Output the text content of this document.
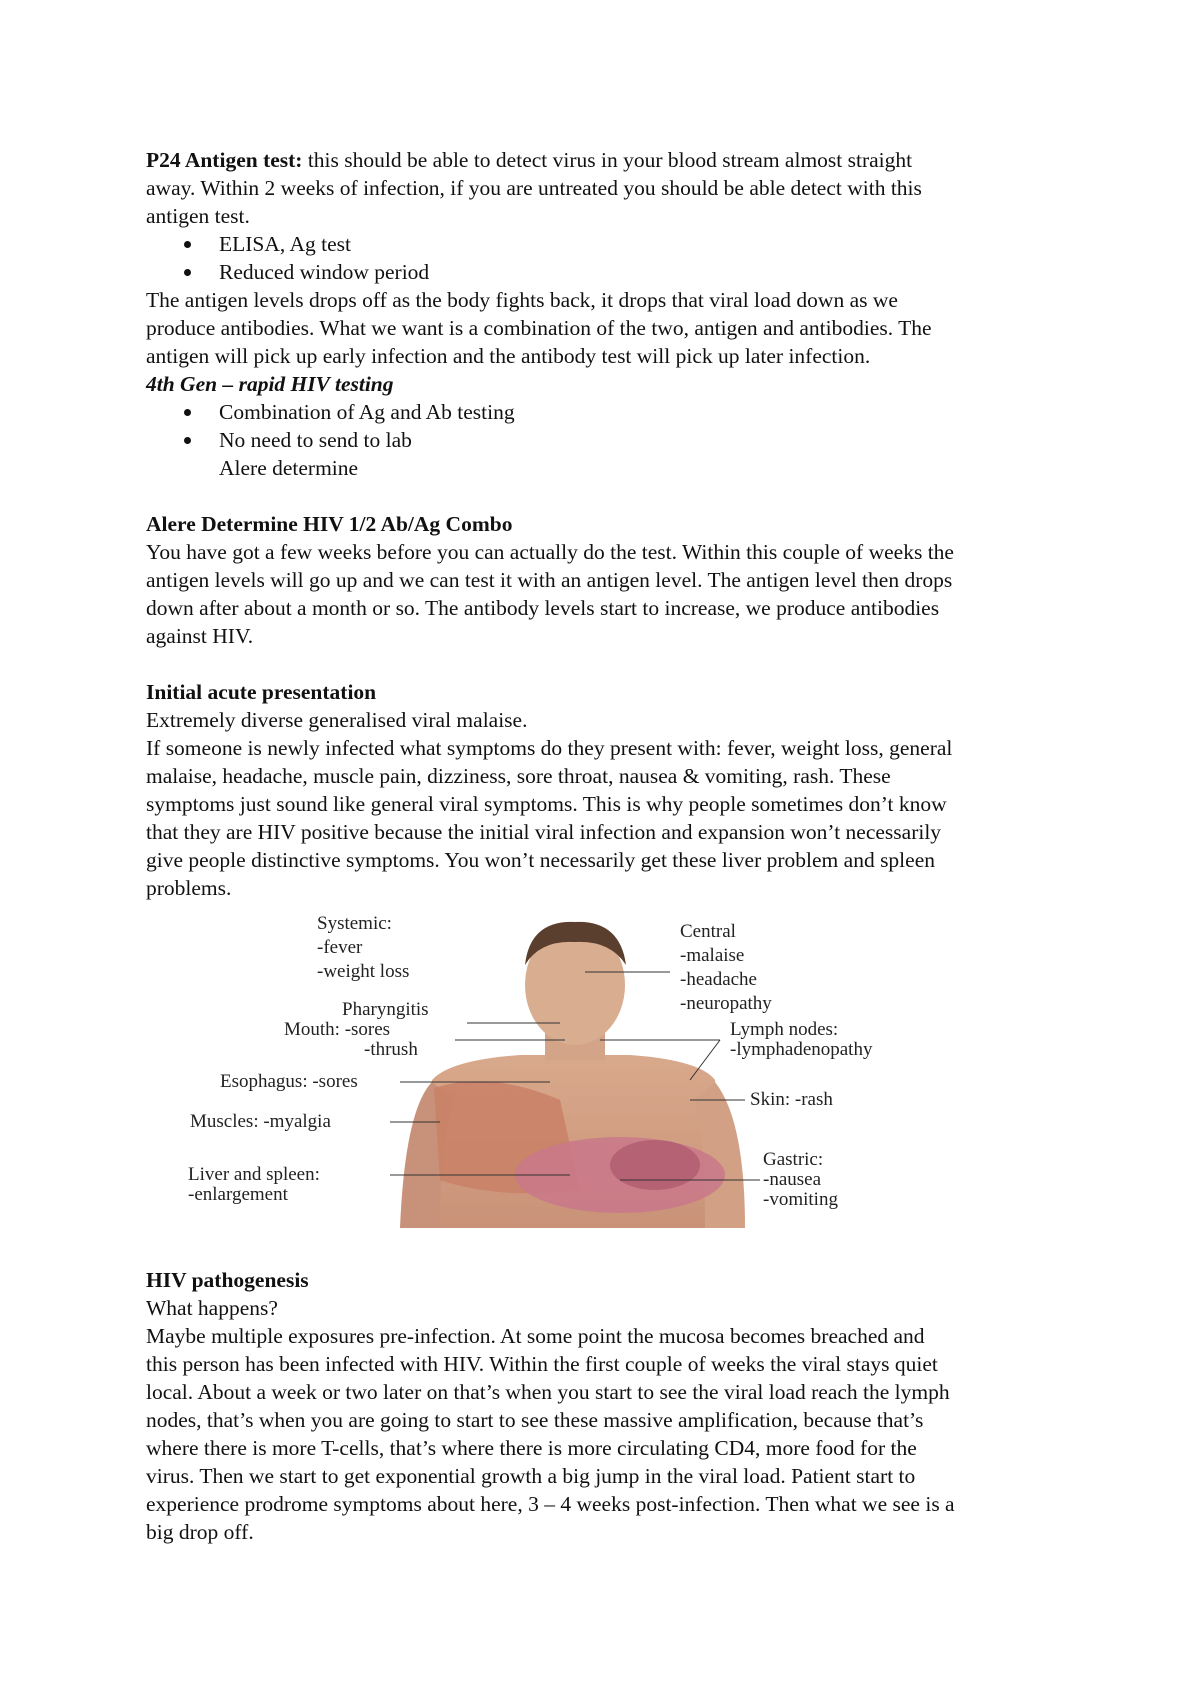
P24 Antigen test: this should be able to detect virus in your blood stream almost straight

away. Within 2 weeks of infection, if you are untreated you should be able detect with this

antigen test.

ELISA, Ag test
Reduced window period

The antigen levels drops off as the body fights back, it drops that viral load down as we

produce antibodies. What we want is a combination of the two, antigen and antibodies. The

antigen will pick up early infection and the antibody test will pick up later infection.

4th Gen – rapid HIV testing

Combination of Ag and Ab testing
No need to send to lab

Alere determine

Alere Determine HIV 1/2 Ab/Ag Combo

You have got a few weeks before you can actually do the test. Within this couple of weeks the

antigen levels will go up and we can test it with an antigen level. The antigen level then drops

down after about a month or so. The antibody levels start to increase, we produce antibodies

against HIV.

Initial acute presentation

Extremely diverse generalised viral malaise.

If someone is newly infected what symptoms do they present with: fever, weight loss, general

malaise, headache, muscle pain, dizziness, sore throat, nausea & vomiting, rash. These

symptoms just sound like general viral symptoms. This is why people sometimes don’t know

that they are HIV positive because the initial viral infection and expansion won’t necessarily

give people distinctive symptoms. You won’t necessarily get these liver problem and spleen

problems.

Systemic:
-fever
-weight loss
Pharyngitis
Mouth: -sores
-thrush
Esophagus: -sores
Muscles: -myalgia
Liver and spleen:
-enlargement
Central
-malaise
-headache
-neuropathy
Lymph nodes:
-lymphadenopathy
Skin: -rash
Gastric:
-nausea
-vomiting

HIV pathogenesis

What happens?

Maybe multiple exposures pre-infection. At some point the mucosa becomes breached and

this person has been infected with HIV. Within the first couple of weeks the viral stays quiet

local. About a week or two later on that’s when you start to see the viral load reach the lymph

nodes, that’s when you are going to start to see these massive amplification, because that’s

where there is more T-cells, that’s where there is more circulating CD4, more food for the

virus. Then we start to get exponential growth a big jump in the viral load. Patient start to

experience prodrome symptoms about here, 3 – 4 weeks post-infection. Then what we see is a

big drop off.
